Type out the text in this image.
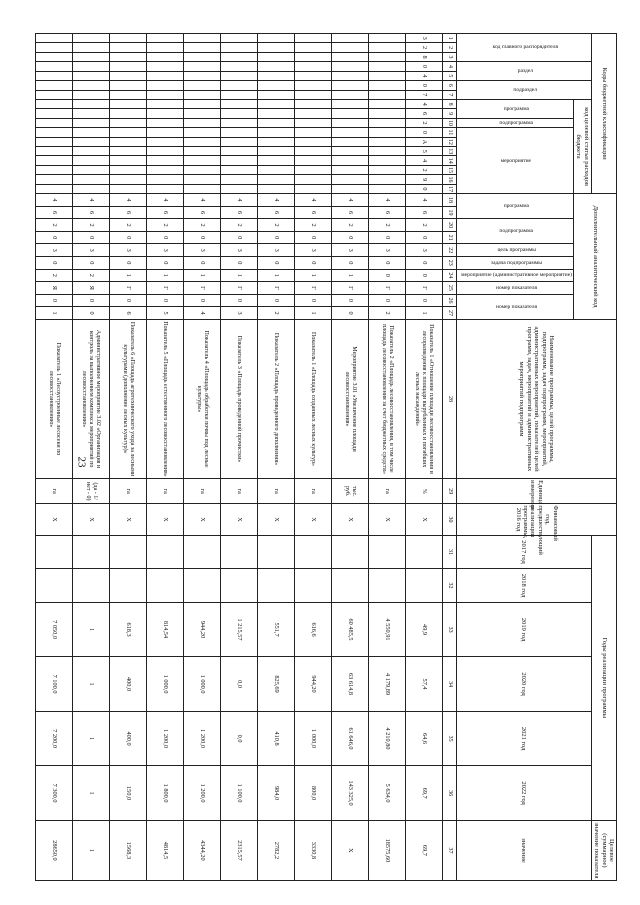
23
Коды бюджетной классификации																	Дополнительный аналитический код										Наименование программы, целей программы, подпрограмм, задач подпрограмм, мероприятий, административных мероприятий, показателей целей программ, задач, мероприятий и административных мероприятий подпрограмм	Единица измерения	Финансовый год, предшествующий реализации программы, 2016 год	Годы реализации программы						Целевое (суммарное) значение показателя
код главного распорядителя			раздел		подраздел		код целевой статьи расходов бюджета																							2017 год	2018 год	2019 год	2020 год	2021 год	2022 год	значение
							программа		подпрограмма	мероприятие							программа		подпрограмма		цель программы	задача подпрограммы	мероприятие (административное мероприятие)	номер показателя	номер показателя											
1	2	3	4	5	6	7	8	9	10	11	12	13	14	15	16	17	18	19	20	21	22	23	24	25	26	27	28	29	30	31	32	33	34	35	36	37
3	2	8	0	4	0	7	4	6	2	0	А	5	4	2	9	0	4	6	2	0	3	0	0	Г	0	1	Показатель 1 «Отношение площади лесовосстановления и лесоразведения к площади вырубленных и погибших лесных насаждений»	%	X			49,9	57,4	64,6	69,7	69,7
																	4	6	2	0	3	0	0	Г	0	2	Показатель 2 «Площадь лесовосстановления, в том числе площадь лесовосстановления за счет бюджетных средств»	га	X			4 550,91	4 179,89	4 210,80	5 634,0	18575,60
																	4	6	2	0	3	0	1	Г	0	0	Мероприятие 3.01 «Увеличение площади лесовосстановления»	тыс. руб.	X			60 485,5	63 614,8	61 646,0	143 325,0	X
																	4	6	2	0	3	0	1	Г	0	1	Показатель 1 «Площадь созданных лесных культур»	га	X			616,6	944,20	1 000,0	800,0	3330,8
																	4	6	2	0	3	0	1	Г	0	2	Показатель 2 «Площадь проведенного дополнения»	га	X			551,7	825,69	410,8	984,0	2782,2
																	4	6	2	0	3	0	1	Г	0	3	Показатель 3 «Площадь проведенной прочистки»	га	X			1 215,57	0,0	0,0	1 100,0	2315,57
																	4	6	2	0	3	0	1	Г	0	4	Показатель 4 «Площадь обработки почвы под лесные культуры»	га	X			944,20	1 000,0	1 200,0	1 200,0	4344,20
																	4	6	2	0	3	0	1	Г	0	5	Показатель 5 «Площадь естественного лесовосстановления»	га	X			814,54	1 000,0	1 200,0	1 800,0	4814,5
																	4	6	2	0	3	0	1	Г	0	6	Показатель 6 «Площадь агротехнического ухода за лесными культурами (дополнение лесных культур)»	га	X			618,3	400,0	400,0	150,0	1568,3
																	4	6	2	0	3	0	2	Я	0	0	Административное мероприятие 3.02 «Организация и контроль за выполнением комплекса мероприятий по лесовосстановлению»	(да - 1/ нет - 0)	X			1	1	1	1	1
																	4	6	2	0	3	0	2	Я	0	1	Показатель 1 «Лесоустроенные лесосеки по лесовосстановлению»	га	X			7 050,0	7 100,0	7 200,0	7 300,0	28650,0
